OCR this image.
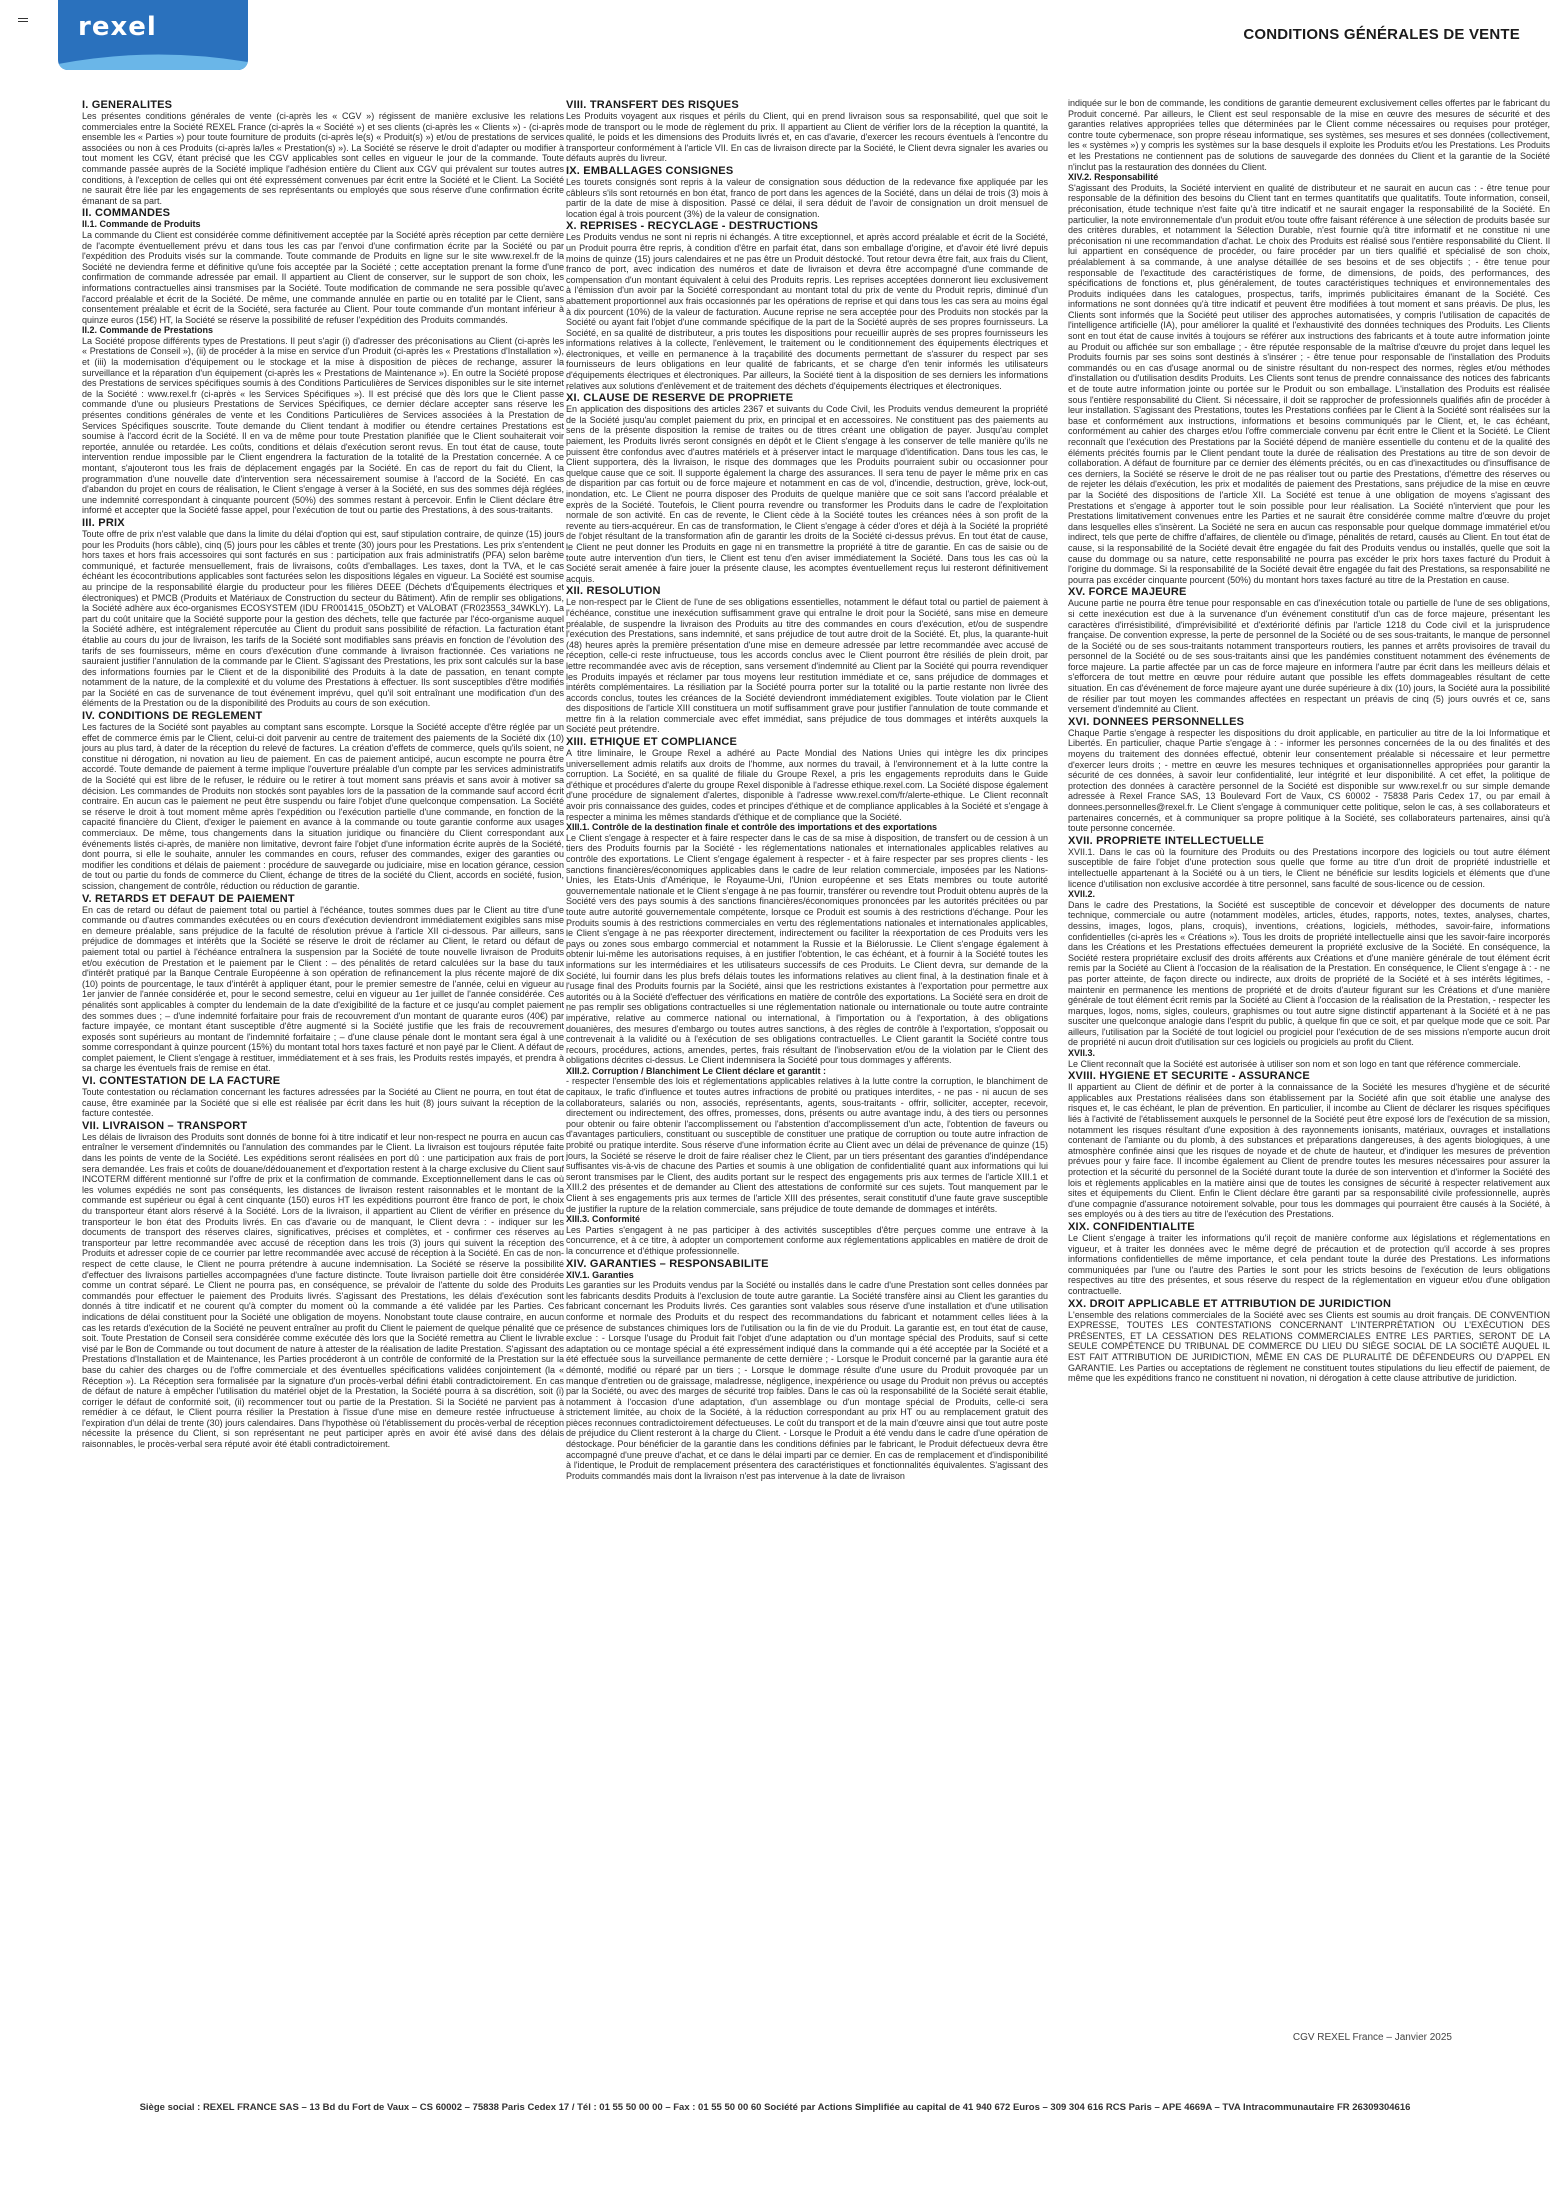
rexel	CONDITIONS GÉNÉRALES DE VENTE
I. GENERALITES

Les présentes conditions générales de vente (ci-après les « CGV ») régissent de manière exclusive les relations commerciales entre la Société REXEL France (ci-après la « Société ») et ses clients (ci-après les « Clients ») - (ci-après ensemble les « Parties ») pour toute fourniture de produits (ci-après le(s) « Produit(s) ») et/ou de prestations de services associées ou non à ces Produits (ci-après la/les « Prestation(s) »). La Société se réserve le droit d'adapter ou modifier à tout moment les CGV, étant précisé que les CGV applicables sont celles en vigueur le jour de la commande. Toute commande passée auprès de la Société implique l'adhésion entière du Client aux CGV qui prévalent sur toutes autres conditions, à l'exception de celles qui ont été expressément convenues par écrit entre la Société et le Client. La Société ne saurait être liée par les engagements de ses représentants ou employés que sous réserve d'une confirmation écrite émanant de sa part.

II. COMMANDES
II.1. Commande de Produits

La commande du Client est considérée comme définitivement acceptée par la Société après réception par cette dernière de l'acompte éventuellement prévu et dans tous les cas par l'envoi d'une confirmation écrite par la Société ou par l'expédition des Produits visés sur la commande. Toute commande de Produits en ligne sur le site www.rexel.fr de la Société ne deviendra ferme et définitive qu'une fois acceptée par la Société ; cette acceptation prenant la forme d'une confirmation de commande adressée par email. Il appartient au Client de conserver, sur le support de son choix, les informations contractuelles ainsi transmises par la Société. Toute modification de commande ne sera possible qu'avec l'accord préalable et écrit de la Société. De même, une commande annulée en partie ou en totalité par le Client, sans consentement préalable et écrit de la Société, sera facturée au Client. Pour toute commande d'un montant inférieur à quinze euros (15€) HT, la Société se réserve la possibilité de refuser l'expédition des Produits commandés.

II.2. Commande de Prestations

La Société propose différents types de Prestations. Il peut s'agir (i) d'adresser des préconisations au Client (ci-après les « Prestations de Conseil »), (ii) de procéder à la mise en service d'un Produit (ci-après les « Prestations d'Installation »), et (iii) la modernisation d'équipement ou le stockage et la mise à disposition de pièces de rechange, assurer la surveillance et la réparation d'un équipement (ci-après les « Prestations de Maintenance »). En outre la Société propose des Prestations de services spécifiques soumis à des Conditions Particulières de Services disponibles sur le site internet de la Société : www.rexel.fr (ci-après « les Services Spécifiques »). Il est précisé que dès lors que le Client passe commande d'une ou plusieurs Prestations de Services Spécifiques, ce dernier déclare accepter sans réserve les présentes conditions générales de vente et les Conditions Particulières de Services associées à la Prestation de Services Spécifiques souscrite. Toute demande du Client tendant à modifier ou étendre certaines Prestations est soumise à l'accord écrit de la Société. Il en va de même pour toute Prestation planifiée que le Client souhaiterait voir reportée, annulée ou retardée. Les coûts, conditions et délais d'exécution seront revus. En tout état de cause, toute intervention rendue impossible par le Client engendrera la facturation de la totalité de la Prestation concernée. A ce montant, s'ajouteront tous les frais de déplacement engagés par la Société. En cas de report du fait du Client, la programmation d'une nouvelle date d'intervention sera nécessairement soumise à l'accord de la Société. En cas d'abandon du projet en cours de réalisation, le Client s'engage à verser à la Société, en sus des sommes déjà réglées, une indemnité correspondant à cinquante pourcent (50%) des sommes restant à percevoir. Enfin le Client déclare être informé et accepter que la Société fasse appel, pour l'exécution de tout ou partie des Prestations, à des sous-traitants.

III. PRIX

Toute offre de prix n'est valable que dans la limite du délai d'option qui est, sauf stipulation contraire, de quinze (15) jours pour les Produits (hors câble), cinq (5) jours pour les câbles et trente (30) jours pour les Prestations. Les prix s'entendent hors taxes et hors frais accessoires qui sont facturés en sus : participation aux frais administratifs (PFA) selon barème communiqué, et facturée mensuellement, frais de livraisons, coûts d'emballages. Les taxes, dont la TVA, et le cas échéant les écocontributions applicables sont facturées selon les dispositions légales en vigueur. La Société est soumise au principe de la responsabilité élargie du producteur pour les filières DEEE (Déchets d'Équipements électriques et électroniques) et PMCB (Produits et Matériaux de Construction du secteur du Bâtiment). Afin de remplir ses obligations, la Société adhère aux éco-organismes ECOSYSTEM (IDU FR001415_05ObZT) et VALOBAT (FR023553_34WKLY). La part du coût unitaire que la Société supporte pour la gestion des déchets, telle que facturée par l'éco-organisme auquel la Société adhère, est intégralement répercutée au Client du produit sans possibilité de réfaction. La facturation étant établie au cours du jour de livraison, les tarifs de la Société sont modifiables sans préavis en fonction de l'évolution des tarifs de ses fournisseurs, même en cours d'exécution d'une commande à livraison fractionnée. Ces variations ne sauraient justifier l'annulation de la commande par le Client. S'agissant des Prestations, les prix sont calculés sur la base des informations fournies par le Client et de la disponibilité des Produits à la date de passation, en tenant compte notamment de la nature, de la complexité et du volume des Prestations à effectuer. Ils sont susceptibles d'être modifiés par la Société en cas de survenance de tout événement imprévu, quel qu'il soit entraînant une modification d'un des éléments de la Prestation ou de la disponibilité des Produits au cours de son exécution.

IV. CONDITIONS DE REGLEMENT

Les factures de la Société sont payables au comptant sans escompte. Lorsque la Société accepte d'être réglée par un effet de commerce émis par le Client, celui-ci doit parvenir au centre de traitement des paiements de la Société dix (10) jours au plus tard, à dater de la réception du relevé de factures. La création d'effets de commerce, quels qu'ils soient, ne constitue ni dérogation, ni novation au lieu de paiement. En cas de paiement anticipé, aucun escompte ne pourra être accordé. Toute demande de paiement à terme implique l'ouverture préalable d'un compte par les services administratifs de la Société qui est libre de le refuser, le réduire ou le retirer à tout moment sans préavis et sans avoir à motiver sa décision. Les commandes de Produits non stockés sont payables lors de la passation de la commande sauf accord écrit contraire. En aucun cas le paiement ne peut être suspendu ou faire l'objet d'une quelconque compensation. La Société se réserve le droit à tout moment même après l'expédition ou l'exécution partielle d'une commande, en fonction de la capacité financière du Client, d'exiger le paiement en avance à la commande ou toute garantie conforme aux usages commerciaux. De même, tous changements dans la situation juridique ou financière du Client correspondant aux événements listés ci-après, de manière non limitative, devront faire l'objet d'une information écrite auprès de la Société, dont pourra, si elle le souhaite, annuler les commandes en cours, refuser des commandes, exiger des garanties ou modifier les conditions et délais de paiement : procédure de sauvegarde ou judiciaire, mise en location gérance, cession de tout ou partie du fonds de commerce du Client, échange de titres de la société du Client, accords en société, fusion, scission, changement de contrôle, réduction ou réduction de garantie.

V. RETARDS ET DEFAUT DE PAIEMENT

En cas de retard ou défaut de paiement total ou partiel à l'échéance, toutes sommes dues par le Client au titre d'une commande ou d'autres commandes exécutées ou en cours d'exécution deviendront immédiatement exigibles sans mise en demeure préalable, sans préjudice de la faculté de résolution prévue à l'article XII ci-dessous. Par ailleurs, sans préjudice de dommages et intérêts que la Société se réserve le droit de réclamer au Client, le retard ou défaut de paiement total ou partiel à l'échéance entraînera la suspension par la Société de toute nouvelle livraison de Produits et/ou exécution de Prestation et le paiement par le Client : – des pénalités de retard calculées sur la base du taux d'intérêt pratiqué par la Banque Centrale Européenne à son opération de refinancement la plus récente majoré de dix (10) points de pourcentage, le taux d'intérêt à appliquer étant, pour le premier semestre de l'année, celui en vigueur au 1er janvier de l'année considérée et, pour le second semestre, celui en vigueur au 1er juillet de l'année considérée. Ces pénalités sont applicables à compter du lendemain de la date d'exigibilité de la facture et ce jusqu'au complet paiement des sommes dues ; – d'une indemnité forfaitaire pour frais de recouvrement d'un montant de quarante euros (40€) par facture impayée, ce montant étant susceptible d'être augmenté si la Société justifie que les frais de recouvrement exposés sont supérieurs au montant de l'indemnité forfaitaire ; – d'une clause pénale dont le montant sera égal à une somme correspondant à quinze pourcent (15%) du montant total hors taxes facturé et non payé par le Client. A défaut de complet paiement, le Client s'engage à restituer, immédiatement et à ses frais, les Produits restés impayés, et prendra à sa charge les éventuels frais de remise en état.

VI. CONTESTATION DE LA FACTURE

Toute contestation ou réclamation concernant les factures adressées par la Société au Client ne pourra, en tout état de cause, être examinée par la Société que si elle est réalisée par écrit dans les huit (8) jours suivant la réception de la facture contestée.

VII. LIVRAISON – TRANSPORT

Les délais de livraison des Produits sont donnés de bonne foi à titre indicatif et leur non-respect ne pourra en aucun cas entraîner le versement d'indemnités ou l'annulation des commandes par le Client. La livraison est toujours réputée faite dans les points de vente de la Société. Les expéditions seront réalisées en port dû : une participation aux frais de port sera demandée. Les frais et coûts de douane/dédouanement et d'exportation restent à la charge exclusive du Client sauf INCOTERM différent mentionné sur l'offre de prix et la confirmation de commande. Exceptionnellement dans le cas où les volumes expédiés ne sont pas conséquents, les distances de livraison restent raisonnables et le montant de la commande est supérieur ou égal à cent cinquante (150) euros HT les expéditions pourront être franco de port, le choix du transporteur étant alors réservé à la Société. Lors de la livraison, il appartient au Client de vérifier en présence du transporteur le bon état des Produits livrés. En cas d'avarie ou de manquant, le Client devra : - indiquer sur les documents de transport des réserves claires, significatives, précises et complètes, et - confirmer ces réserves au transporteur par lettre recommandée avec accusé de réception dans les trois (3) jours qui suivent la réception des Produits et adresser copie de ce courrier par lettre recommandée avec accusé de réception à la Société. En cas de non-respect de cette clause, le Client ne pourra prétendre à aucune indemnisation. La Société se réserve la possibilité d'effectuer des livraisons partielles accompagnées d'une facture distincte. Toute livraison partielle doit être considérée comme un contrat séparé. Le Client ne pourra pas, en conséquence, se prévaloir de l'attente du solde des Produits commandés pour effectuer le paiement des Produits livrés. S'agissant des Prestations, les délais d'exécution sont donnés à titre indicatif et ne courent qu'à compter du moment où la commande a été validée par les Parties. Ces indications de délai constituent pour la Société une obligation de moyens. Nonobstant toute clause contraire, en aucun cas les retards d'exécution de la Société ne peuvent entraîner au profit du Client le paiement de quelque pénalité que ce soit. Toute Prestation de Conseil sera considérée comme exécutée dès lors que la Société remettra au Client le livrable visé par le Bon de Commande ou tout document de nature à attester de la réalisation de ladite Prestation. S'agissant des Prestations d'Installation et de Maintenance, les Parties procéderont à un contrôle de conformité de la Prestation sur la base du cahier des charges ou de l'offre commerciale et des éventuelles spécifications validées conjointement (la « Réception »). La Réception sera formalisée par la signature d'un procès-verbal défini établi contradictoirement. En cas de défaut de nature à empêcher l'utilisation du matériel objet de la Prestation, la Société pourra à sa discrétion, soit (i) corriger le défaut de conformité soit, (ii) recommencer tout ou partie de la Prestation. Si la Société ne parvient pas à remédier à ce défaut, le Client pourra résilier la Prestation à l'issue d'une mise en demeure restée infructueuse à l'expiration d'un délai de trente (30) jours calendaires. Dans l'hypothèse où l'établissement du procès-verbal de réception nécessite la présence du Client, si son représentant ne peut participer après en avoir été avisé dans des délais raisonnables, le procès-verbal sera réputé avoir été établi contradictoirement.

VIII. TRANSFERT DES RISQUES

Les Produits voyagent aux risques et périls du Client, qui en prend livraison sous sa responsabilité, quel que soit le mode de transport ou le mode de règlement du prix. Il appartient au Client de vérifier lors de la réception la quantité, la qualité, le poids et les dimensions des Produits livrés et, en cas d'avarie, d'exercer les recours éventuels à l'encontre du transporteur conformément à l'article VII. En cas de livraison directe par la Société, le Client devra signaler les avaries ou défauts auprès du livreur.

IX. EMBALLAGES CONSIGNES

Les tourets consignés sont repris à la valeur de consignation sous déduction de la redevance fixe appliquée par les câbleurs s'ils sont retournés en bon état, franco de port dans les agences de la Société, dans un délai de trois (3) mois à partir de la date de mise à disposition. Passé ce délai, il sera déduit de l'avoir de consignation un droit mensuel de location égal à trois pourcent (3%) de la valeur de consignation.

X. REPRISES - RECYCLAGE - DESTRUCTIONS

Les Produits vendus ne sont ni repris ni échangés. A titre exceptionnel, et après accord préalable et écrit de la Société, un Produit pourra être repris, à condition d'être en parfait état, dans son emballage d'origine, et d'avoir été livré depuis moins de quinze (15) jours calendaires et ne pas être un Produit déstocké. Tout retour devra être fait, aux frais du Client, franco de port, avec indication des numéros et date de livraison et devra être accompagné d'une commande de compensation d'un montant équivalent à celui des Produits repris. Les reprises acceptées donneront lieu exclusivement à l'émission d'un avoir par la Société correspondant au montant total du prix de vente du Produit repris, diminué d'un abattement proportionnel aux frais occasionnés par les opérations de reprise et qui dans tous les cas sera au moins égal à dix pourcent (10%) de la valeur de facturation. Aucune reprise ne sera acceptée pour des Produits non stockés par la Société ou ayant fait l'objet d'une commande spécifique de la part de la Société auprès de ses propres fournisseurs. La Société, en sa qualité de distributeur, a pris toutes les dispositions pour recueillir auprès de ses propres fournisseurs les informations relatives à la collecte, l'enlèvement, le traitement ou le conditionnement des équipements électriques et électroniques, et veille en permanence à la traçabilité des documents permettant de s'assurer du respect par ses fournisseurs de leurs obligations en leur qualité de fabricants, et se charge d'en tenir informés les utilisateurs d'équipements électriques et électroniques. Par ailleurs, la Société tient à la disposition de ses derniers les informations relatives aux solutions d'enlèvement et de traitement des déchets d'équipements électriques et électroniques.

XI. CLAUSE DE RESERVE DE PROPRIETE

En application des dispositions des articles 2367 et suivants du Code Civil, les Produits vendus demeurent la propriété de la Société jusqu'au complet paiement du prix, en principal et en accessoires. Ne constituent pas des paiements au sens de la présente disposition la remise de traites ou de titres créant une obligation de payer. Jusqu'au complet paiement, les Produits livrés seront consignés en dépôt et le Client s'engage à les conserver de telle manière qu'ils ne puissent être confondus avec d'autres matériels et à préserver intact le marquage d'identification. Dans tous les cas, le Client supportera, dès la livraison, le risque des dommages que les Produits pourraient subir ou occasionner pour quelque cause que ce soit. Il supporte également la charge des assurances. Il sera tenu de payer le même prix en cas de disparition par cas fortuit ou de force majeure et notamment en cas de vol, d'incendie, destruction, grève, lock-out, inondation, etc. Le Client ne pourra disposer des Produits de quelque manière que ce soit sans l'accord préalable et exprès de la Société. Toutefois, le Client pourra revendre ou transformer les Produits dans le cadre de l'exploitation normale de son activité. En cas de revente, le Client cède à la Société toutes les créances nées à son profit de la revente au tiers-acquéreur. En cas de transformation, le Client s'engage à céder d'ores et déjà à la Société la propriété de l'objet résultant de la transformation afin de garantir les droits de la Société ci-dessus prévus. En tout état de cause, le Client ne peut donner les Produits en gage ni en transmettre la propriété à titre de garantie. En cas de saisie ou de toute autre intervention d'un tiers, le Client est tenu d'en aviser immédiatement la Société. Dans tous les cas où la Société serait amenée à faire jouer la présente clause, les acomptes éventuellement reçus lui resteront définitivement acquis.

XII. RESOLUTION

Le non-respect par le Client de l'une de ses obligations essentielles, notamment le défaut total ou partiel de paiement à l'échéance, constitue une inexécution suffisamment grave qui entraîne le droit pour la Société, sans mise en demeure préalable, de suspendre la livraison des Produits au titre des commandes en cours d'exécution, et/ou de suspendre l'exécution des Prestations, sans indemnité, et sans préjudice de tout autre droit de la Société. Et, plus, la quarante-huit (48) heures après la première présentation d'une mise en demeure adressée par lettre recommandée avec accusé de réception, celle-ci reste infructueuse, tous les accords conclus avec le Client pourront être résiliés de plein droit, par lettre recommandée avec avis de réception, sans versement d'indemnité au Client par la Société qui pourra revendiquer les Produits impayés et réclamer par tous moyens leur restitution immédiate et ce, sans préjudice de dommages et intérêts complémentaires. La résiliation par la Société pourra porter sur la totalité ou la partie restante non livrée des accords conclus, toutes les créances de la Société deviendront immédiatement exigibles. Toute violation par le Client des dispositions de l'article XIII constituera un motif suffisamment grave pour justifier l'annulation de toute commande et mettre fin à la relation commerciale avec effet immédiat, sans préjudice de tous dommages et intérêts auxquels la Société peut prétendre.

XIII. ETHIQUE ET COMPLIANCE

A titre liminaire, le Groupe Rexel a adhéré au Pacte Mondial des Nations Unies qui intègre les dix principes universellement admis relatifs aux droits de l'homme, aux normes du travail, à l'environnement et à la lutte contre la corruption. La Société, en sa qualité de filiale du Groupe Rexel, a pris les engagements reproduits dans le Guide d'éthique et procédures d'alerte du groupe Rexel disponible à l'adresse ethique.rexel.com. La Société dispose également d'une procédure de signalement d'alertes, disponible à l'adresse www.rexel.com/fr/alerte-ethique. Le Client reconnaît avoir pris connaissance des guides, codes et principes d'éthique et de compliance applicables à la Société et s'engage à respecter a minima les mêmes standards d'éthique et de compliance que la Société.

XIII.1. Contrôle de la destination finale et contrôle des importations et des exportations

Le Client s'engage à respecter et à faire respecter dans le cas de sa mise à disposition, de transfert ou de cession à un tiers des Produits fournis par la Société - les réglementations nationales et internationales applicables relatives au contrôle des exportations. Le Client s'engage également à respecter - et à faire respecter par ses propres clients - les sanctions financières/économiques applicables dans le cadre de leur relation commerciale, imposées par les Nations-Unies, les Etats-Unis d'Amérique, le Royaume-Uni, l'Union européenne et ses Etats membres ou toute autorité gouvernementale nationale et le Client s'engage à ne pas fournir, transférer ou revendre tout Produit obtenu auprès de la Société vers des pays soumis à des sanctions financières/économiques prononcées par les autorités précitées ou par toute autre autorité gouvernementale compétente, lorsque ce Produit est soumis à des restrictions d'échange. Pour les Produits soumis à des restrictions commerciales en vertu des réglementations nationales et internationales applicables, le Client s'engage à ne pas réexporter directement, indirectement ou faciliter la réexportation de ces Produits vers les pays ou zones sous embargo commercial et notamment la Russie et la Biélorussie. Le Client s'engage également à obtenir lui-même les autorisations requises, à en justifier l'obtention, le cas échéant, et à fournir à la Société toutes les informations sur les intermédiaires et les utilisateurs successifs de ces Produits. Le Client devra, sur demande de la Société, lui fournir dans les plus brefs délais toutes les informations relatives au client final, à la destination finale et à l'usage final des Produits fournis par la Société, ainsi que les restrictions existantes à l'exportation pour permettre aux autorités ou à la Société d'effectuer des vérifications en matière de contrôle des exportations. La Société sera en droit de ne pas remplir ses obligations contractuelles si une réglementation nationale ou internationale ou toute autre contrainte impérative, relative au commerce national ou international, à l'importation ou à l'exportation, à des obligations douanières, des mesures d'embargo ou toutes autres sanctions, à des règles de contrôle à l'exportation, s'opposait ou contrevenait à la validité ou à l'exécution de ses obligations contractuelles. Le Client garantit la Société contre tous recours, procédures, actions, amendes, pertes, frais résultant de l'inobservation et/ou de la violation par le Client des obligations décrites ci-dessus. Le Client indemnisera la Société pour tous dommages y afférents.

XIII.2. Corruption / Blanchiment Le Client déclare et garantit :

- respecter l'ensemble des lois et réglementations applicables relatives à la lutte contre la corruption, le blanchiment de capitaux, le trafic d'influence et toutes autres infractions de probité ou pratiques interdites, - ne pas - ni aucun de ses collaborateurs, salariés ou non, associés, représentants, agents, sous-traitants - offrir, solliciter, accepter, recevoir, directement ou indirectement, des offres, promesses, dons, présents ou autre avantage indu, à des tiers ou personnes pour obtenir ou faire obtenir l'accomplissement ou l'abstention d'accomplissement d'un acte, l'obtention de faveurs ou d'avantages particuliers, constituant ou susceptible de constituer une pratique de corruption ou toute autre infraction de probité ou pratique interdite. Sous réserve d'une information écrite au Client avec un délai de prévenance de quinze (15) jours, la Société se réserve le droit de faire réaliser chez le Client, par un tiers présentant des garanties d'indépendance suffisantes vis-à-vis de chacune des Parties et soumis à une obligation de confidentialité quant aux informations qui lui seront transmises par le Client, des audits portant sur le respect des engagements pris aux termes de l'article XIII.1 et XIII.2 des présentes et de demander au Client des attestations de conformité sur ces sujets. Tout manquement par le Client à ses engagements pris aux termes de l'article XIII des présentes, serait constitutif d'une faute grave susceptible de justifier la rupture de la relation commerciale, sans préjudice de toute demande de dommages et intérêts.

XIII.3. Conformité

Les Parties s'engagent à ne pas participer à des activités susceptibles d'être perçues comme une entrave à la concurrence, et à ce titre, à adopter un comportement conforme aux réglementations applicables en matière de droit de la concurrence et d'éthique professionnelle.

XIV. GARANTIES – RESPONSABILITE
XIV.1. Garanties

Les garanties sur les Produits vendus par la Société ou installés dans le cadre d'une Prestation sont celles données par les fabricants desdits Produits à l'exclusion de toute autre garantie. La Société transfère ainsi au Client les garanties du fabricant concernant les Produits livrés. Ces garanties sont valables sous réserve d'une installation et d'une utilisation conforme et normale des Produits et du respect des recommandations du fabricant et notamment celles liées à la présence de substances chimiques lors de l'utilisation ou la fin de vie du Produit. La garantie est, en tout état de cause, exclue : - Lorsque l'usage du Produit fait l'objet d'une adaptation ou d'un montage spécial des Produits, sauf si cette adaptation ou ce montage spécial a été expressément indiqué dans la commande qui a été acceptée par la Société et a été effectuée sous la surveillance permanente de cette dernière ; - Lorsque le Produit concerné par la garantie aura été démonté, modifié ou réparé par un tiers ; - Lorsque le dommage résulte d'une usure du Produit provoquée par un manque d'entretien ou de graissage, maladresse, négligence, inexpérience ou usage du Produit non prévus ou acceptés par la Société, ou avec des marges de sécurité trop faibles. Dans le cas où la responsabilité de la Société serait établie, notamment à l'occasion d'une adaptation, d'un assemblage ou d'un montage spécial de Produits, celle-ci sera strictement limitée, au choix de la Société, à la réduction correspondant au prix HT ou au remplacement gratuit des pièces reconnues contradictoirement défectueuses. Le coût du transport et de la main d'œuvre ainsi que tout autre poste de préjudice du Client resteront à la charge du Client. - Lorsque le Produit a été vendu dans le cadre d'une opération de déstockage. Pour bénéficier de la garantie dans les conditions définies par le fabricant, le Produit défectueux devra être accompagné d'une preuve d'achat, et ce dans le délai imparti par ce dernier. En cas de remplacement et d'indisponibilité à l'identique, le Produit de remplacement présentera des caractéristiques et fonctionnalités équivalentes. S'agissant des Produits commandés mais dont la livraison n'est pas intervenue à la date de livraison

indiquée sur le bon de commande, les conditions de garantie demeurent exclusivement celles offertes par le fabricant du Produit concerné. Par ailleurs, le Client est seul responsable de la mise en œuvre des mesures de sécurité et des garanties relatives appropriées telles que déterminées par le Client comme nécessaires ou requises pour protéger, contre toute cybermenace, son propre réseau informatique, ses systèmes, ses mesures et ses données (collectivement, les « systèmes ») y compris les systèmes sur la base desquels il exploite les Produits et/ou les Prestations. Les Produits et les Prestations ne contiennent pas de solutions de sauvegarde des données du Client et la garantie de la Société n'inclut pas la restauration des données du Client.

XIV.2. Responsabilité

S'agissant des Produits, la Société intervient en qualité de distributeur et ne saurait en aucun cas : - être tenue pour responsable de la définition des besoins du Client tant en termes quantitatifs que qualitatifs. Toute information, conseil, préconisation, étude technique n'est faite qu'à titre indicatif et ne saurait engager la responsabilité de la Société. En particulier, la note environnementale d'un produit et/ou toute offre faisant référence à une sélection de produits basée sur des critères durables, et notamment la Sélection Durable, n'est fournie qu'à titre informatif et ne constitue ni une préconisation ni une recommandation d'achat. Le choix des Produits est réalisé sous l'entière responsabilité du Client. Il lui appartient en conséquence de procéder, ou faire procéder par un tiers qualifié et spécialisé de son choix, préalablement à sa commande, à une analyse détaillée de ses besoins et de ses objectifs ; - être tenue pour responsable de l'exactitude des caractéristiques de forme, de dimensions, de poids, des performances, des spécifications de fonctions et, plus généralement, de toutes caractéristiques techniques et environnementales des Produits indiquées dans les catalogues, prospectus, tarifs, imprimés publicitaires émanant de la Société. Ces informations ne sont données qu'à titre indicatif et peuvent être modifiées à tout moment et sans préavis. De plus, les Clients sont informés que la Société peut utiliser des approches automatisées, y compris l'utilisation de capacités de l'intelligence artificielle (IA), pour améliorer la qualité et l'exhaustivité des données techniques des Produits. Les Clients sont en tout état de cause invités à toujours se référer aux instructions des fabricants et à toute autre information jointe au Produit ou affichée sur son emballage ; - être réputée responsable de la maîtrise d'œuvre du projet dans lequel les Produits fournis par ses soins sont destinés à s'insérer ; - être tenue pour responsable de l'installation des Produits commandés ou en cas d'usage anormal ou de sinistre résultant du non-respect des normes, règles et/ou méthodes d'installation ou d'utilisation desdits Produits. Les Clients sont tenus de prendre connaissance des notices des fabricants et de toute autre information jointe ou portée sur le Produit ou son emballage. L'installation des Produits est réalisée sous l'entière responsabilité du Client. Si nécessaire, il doit se rapprocher de professionnels qualifiés afin de procéder à leur installation. S'agissant des Prestations, toutes les Prestations confiées par le Client à la Société sont réalisées sur la base et conformément aux instructions, informations et besoins communiqués par le Client, et, le cas échéant, conformément au cahier des charges et/ou l'offre commerciale convenu par écrit entre le Client et la Société. Le Client reconnaît que l'exécution des Prestations par la Société dépend de manière essentielle du contenu et de la qualité des éléments précités fournis par le Client pendant toute la durée de réalisation des Prestations au titre de son devoir de collaboration. A défaut de fourniture par ce dernier des éléments précités, ou en cas d'inexactitudes ou d'insuffisance de ces derniers, la Société se réserve le droit de ne pas réaliser tout ou partie des Prestations, d'émettre des réserves ou de rejeter les délais d'exécution, les prix et modalités de paiement des Prestations, sans préjudice de la mise en œuvre par la Société des dispositions de l'article XII. La Société est tenue à une obligation de moyens s'agissant des Prestations et s'engage à apporter tout le soin possible pour leur réalisation. La Société n'intervient que pour les Prestations limitativement convenues entre les Parties et ne saurait être considérée comme maître d'œuvre du projet dans lesquelles elles s'insèrent. La Société ne sera en aucun cas responsable pour quelque dommage immatériel et/ou indirect, tels que perte de chiffre d'affaires, de clientèle ou d'image, pénalités de retard, causés au Client. En tout état de cause, si la responsabilité de la Société devait être engagée du fait des Produits vendus ou installés, quelle que soit la cause du dommage ou sa nature, cette responsabilité ne pourra pas excéder le prix hors taxes facturé du Produit à l'origine du dommage. Si la responsabilité de la Société devait être engagée du fait des Prestations, sa responsabilité ne pourra pas excéder cinquante pourcent (50%) du montant hors taxes facturé au titre de la Prestation en cause.

XV. FORCE MAJEURE

Aucune partie ne pourra être tenue pour responsable en cas d'inexécution totale ou partielle de l'une de ses obligations, si cette inexécution est due à la survenance d'un événement constitutif d'un cas de force majeure, présentant les caractères d'irrésistibilité, d'imprévisibilité et d'extériorité définis par l'article 1218 du Code civil et la jurisprudence française. De convention expresse, la perte de personnel de la Société ou de ses sous-traitants, le manque de personnel de la Société ou de ses sous-traitants notamment transporteurs routiers, les pannes et arrêts provisoires de travail du personnel de la Société ou de ses sous-traitants ainsi que les pandémies constituent notamment des événements de force majeure. La partie affectée par un cas de force majeure en informera l'autre par écrit dans les meilleurs délais et s'efforcera de tout mettre en œuvre pour réduire autant que possible les effets dommageables résultant de cette situation. En cas d'événement de force majeure ayant une durée supérieure à dix (10) jours, la Société aura la possibilité de résilier par tout moyen les commandes affectées en respectant un préavis de cinq (5) jours ouvrés et ce, sans versement d'indemnité au Client.

XVI. DONNEES PERSONNELLES

Chaque Partie s'engage à respecter les dispositions du droit applicable, en particulier au titre de la loi Informatique et Libertés. En particulier, chaque Partie s'engage à : - informer les personnes concernées de la ou des finalités et des moyens du traitement des données effectué, obtenir leur consentement préalable si nécessaire et leur permettre d'exercer leurs droits ; - mettre en œuvre les mesures techniques et organisationnelles appropriées pour garantir la sécurité de ces données, à savoir leur confidentialité, leur intégrité et leur disponibilité. A cet effet, la politique de protection des données à caractère personnel de la Société est disponible sur www.rexel.fr ou sur simple demande adressée à Rexel France SAS, 13 Boulevard Fort de Vaux, CS 60002 - 75838 Paris Cedex 17, ou par email à donnees.personnelles@rexel.fr. Le Client s'engage à communiquer cette politique, selon le cas, à ses collaborateurs et partenaires concernés, et à communiquer sa propre politique à la Société, ses collaborateurs partenaires, ainsi qu'à toute personne concernée.

XVII. PROPRIETE INTELLECTUELLE

XVII.1. Dans le cas où la fourniture des Produits ou des Prestations incorpore des logiciels ou tout autre élément susceptible de faire l'objet d'une protection sous quelle que forme au titre d'un droit de propriété industrielle et intellectuelle appartenant à la Société ou à un tiers, le Client ne bénéficie sur lesdits logiciels et éléments que d'une licence d'utilisation non exclusive accordée à titre personnel, sans faculté de sous-licence ou de cession.

XVII.2.

Dans le cadre des Prestations, la Société est susceptible de concevoir et développer des documents de nature technique, commerciale ou autre (notamment modèles, articles, études, rapports, notes, textes, analyses, chartes, dessins, images, logos, plans, croquis), inventions, créations, logiciels, méthodes, savoir-faire, informations confidentielles (ci-après les « Créations »). Tous les droits de propriété intellectuelle ainsi que les savoir-faire incorporés dans les Créations et les Prestations effectuées demeurent la propriété exclusive de la Société. En conséquence, la Société restera propriétaire exclusif des droits afférents aux Créations et d'une manière générale de tout élément écrit remis par la Société au Client à l'occasion de la réalisation de la Prestation. En conséquence, le Client s'engage à : - ne pas porter atteinte, de façon directe ou indirecte, aux droits de propriété de la Société et à ses intérêts légitimes, - maintenir en permanence les mentions de propriété et de droits d'auteur figurant sur les Créations et d'une manière générale de tout élément écrit remis par la Société au Client à l'occasion de la réalisation de la Prestation, - respecter les marques, logos, noms, sigles, couleurs, graphismes ou tout autre signe distinctif appartenant à la Société et à ne pas susciter une quelconque analogie dans l'esprit du public, à quelque fin que ce soit, et par quelque mode que ce soit. Par ailleurs, l'utilisation par la Société de tout logiciel ou progiciel pour l'exécution de de ses missions n'emporte aucun droit de propriété ni aucun droit d'utilisation sur ces logiciels ou progiciels au profit du Client.

XVII.3.

Le Client reconnaît que la Société est autorisée à utiliser son nom et son logo en tant que référence commerciale.

XVIII. HYGIENE ET SECURITE - ASSURANCE

Il appartient au Client de définir et de porter à la connaissance de la Société les mesures d'hygiène et de sécurité applicables aux Prestations réalisées dans son établissement par la Société afin que soit établie une analyse des risques et, le cas échéant, le plan de prévention. En particulier, il incombe au Client de déclarer les risques spécifiques liés à l'activité de l'établissement auxquels le personnel de la Société peut être exposé lors de l'exécution de sa mission, notamment les risques résultant d'une exposition à des rayonnements ionisants, matériaux, ouvrages et installations contenant de l'amiante ou du plomb, à des substances et préparations dangereuses, à des agents biologiques, à une atmosphère confinée ainsi que les risques de noyade et de chute de hauteur, et d'indiquer les mesures de prévention prévues pour y faire face. Il incombe également au Client de prendre toutes les mesures nécessaires pour assurer la protection et la sécurité du personnel de la Société durant toute la durée de son intervention et d'informer la Société des lois et règlements applicables en la matière ainsi que de toutes les consignes de sécurité à respecter relativement aux sites et équipements du Client. Enfin le Client déclare être garanti par sa responsabilité civile professionnelle, auprès d'une compagnie d'assurance notoirement solvable, pour tous les dommages qui pourraient être causés à la Société, à ses employés ou à des tiers au titre de l'exécution des Prestations.

XIX. CONFIDENTIALITE

Le Client s'engage à traiter les informations qu'il reçoit de manière conforme aux législations et réglementations en vigueur, et à traiter les données avec le même degré de précaution et de protection qu'il accorde à ses propres informations confidentielles de même importance, et cela pendant toute la durée des Prestations. Les informations communiquées par l'une ou l'autre des Parties le sont pour les stricts besoins de l'exécution de leurs obligations respectives au titre des présentes, et sous réserve du respect de la réglementation en vigueur et/ou d'une obligation contractuelle.

XX. DROIT APPLICABLE ET ATTRIBUTION DE JURIDICTION

L'ensemble des relations commerciales de la Société avec ses Clients est soumis au droit français. DE CONVENTION EXPRESSE, TOUTES LES CONTESTATIONS CONCERNANT L'INTERPRÉTATION OU L'EXÉCUTION DES PRÉSENTES, ET LA CESSATION DES RELATIONS COMMERCIALES ENTRE LES PARTIES, SERONT DE LA SEULE COMPÉTENCE DU TRIBUNAL DE COMMERCE DU LIEU DU SIÈGE SOCIAL DE LA SOCIÉTÉ AUQUEL IL EST FAIT ATTRIBUTION DE JURIDICTION, MÊME EN CAS DE PLURALITÉ DE DÉFENDEURS OU D'APPEL EN GARANTIE. Les Parties ou acceptations de règlement ne constituent toutes stipulations du lieu effectif de paiement, de même que les expéditions franco ne constituent ni novation, ni dérogation à cette clause attributive de juridiction.

CGV REXEL France – Janvier 2025
Siège social : REXEL FRANCE SAS – 13 Bd du Fort de Vaux – CS 60002 – 75838 Paris Cedex 17 / Tél : 01 55 50 00 00 – Fax : 01 55 50 00 60 Société par Actions Simplifiée au capital de 41 940 672 Euros – 309 304 616 RCS Paris – APE 4669A – TVA Intracommunautaire FR 26309304616
